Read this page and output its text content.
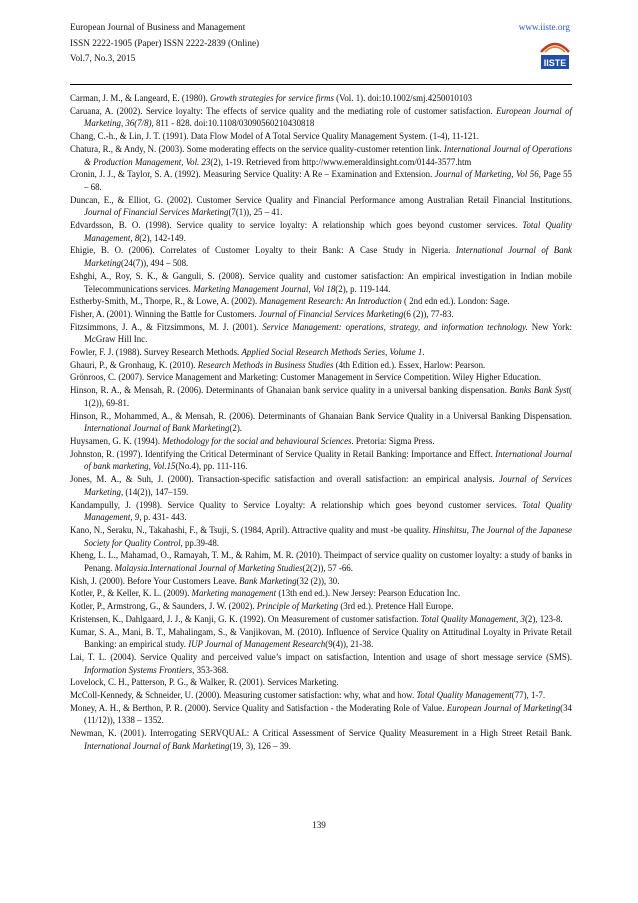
European Journal of Business and Management
ISSN 2222-1905 (Paper) ISSN 2222-2839 (Online)
Vol.7, No.3, 2015
www.iiste.org
IISTE

Carman, J. M., & Langeard, E. (1980). Growth strategies for service firms (Vol. 1). doi:10.1002/smj.4250010103

Caruana, A. (2002). Service loyalty: The effects of service quality and the mediating role of customer satisfaction. European Journal of Marketing, 36(7/8), 811 - 828. doi:10.1108/03090560210430818

Chang, C.-h., & Lin, J. T. (1991). Data Flow Model of A Total Service Quality Management System. (1-4), 11-121.

Chatura, R., & Andy, N. (2003). Some moderating effects on the service quality-customer retention link. International Journal of Operations & Production Management, Vol. 23(2), 1-19. Retrieved from http://www.emeraldinsight.com/0144-3577.htm

Cronin, J. J., & Taylor, S. A. (1992). Measuring Service Quality: A Re – Examination and Extension. Journal of Marketing, Vol 56, Page 55 – 68.

Duncan, E., & Elliot, G. (2002). Customer Service Quality and Financial Performance among Australian Retail Financial Institutions. Journal of Financial Services Marketing(7(1)), 25 – 41.

Edvardsson, B. O. (1998). Service quality to service loyalty: A relationship which goes beyond customer services. Total Quality Management, 8(2), 142-149.

Ehigie, B. O. (2006). Correlates of Customer Loyalty to their Bank: A Case Study in Nigeria. International Journal of Bank Marketing(24(7)), 494 – 508.

Eshghi, A., Roy, S. K., & Ganguli, S. (2008). Service quality and customer satisfaction: An empirical investigation in Indian mobile Telecommunications services. Marketing Management Journal, Vol 18(2), p. 119-144.

Estherby-Smith, M., Thorpe, R., & Lowe, A. (2002). Management Research: An Introduction ( 2nd edn ed.). London: Sage.

Fisher, A. (2001). Winning the Battle for Customers. Journal of Financial Services Marketing(6 (2)), 77-83.

Fitzsimmons, J. A., & Fitzsimmons, M. J. (2001). Service Management: operations, strategy, and information technology. New York: McGraw Hill Inc.

Fowler, F. J. (1988). Survey Research Methods. Applied Social Research Methods Series, Volume 1.

Ghauri, P., & Gronhaug, K. (2010). Research Methods in Business Studies (4th Edition ed.). Essex, Harlow: Pearson.

Grönroos, C. (2007). Service Management and Marketing: Customer Management in Service Competition. Wiley Higher Education.

Hinson, R. A., & Mensah, R. (2006). Determinants of Ghanaian bank service quality in a universal banking dispensation. Banks Bank Syst( 1(2)), 69-81.

Hinson, R., Mohammed, A., & Mensah, R. (2006). Determinants of Ghanaian Bank Service Quality in a Universal Banking Dispensation. International Journal of Bank Marketing(2).

Huysamen, G. K. (1994). Methodology for the social and behavioural Sciences. Pretoria: Sigma Press.

Johnston, R. (1997). Identifying the Critical Determinant of Service Quality in Retail Banking: Importance and Effect. International Journal of bank marketing, Vol.15(No.4), pp. 111-116.

Jones, M. A., & Suh, J. (2000). Transaction-specific satisfaction and overall satisfaction: an empirical analysis. Journal of Services Marketing, (14(2)), 147–159.

Kandampully, J. (1998). Service Quality to Service Loyalty: A relationship which goes beyond customer services. Total Quality Management, 9, p. 431- 443.

Kano, N., Seraku, N., Takahashi, F., & Tsuji, S. (1984, April). Attractive quality and must -be quality. Hinshitsu, The Journal of the Japanese Society for Quality Control, pp.39-48.

Kheng, L. L., Mahamad, O., Ramayah, T. M., & Rahim, M. R. (2010). Theimpact of service quality on customer loyalty: a study of banks in Penang. Malaysia.International Journal of Marketing Studies(2(2)), 57 -66.

Kish, J. (2000). Before Your Customers Leave. Bank Marketing(32 (2)), 30.

Kotler, P., & Keller, K. L. (2009). Marketing management (13th end ed.). New Jersey: Pearson Education Inc.

Kotler, P., Armstrong, G., & Saunders, J. W. (2002). Principle of Marketing (3rd ed.). Pretence Hall Europe.

Kristensen, K., Dahlgaard, J. J., & Kanji, G. K. (1992). On Measurement of customer satisfaction. Total Quality Management, 3(2), 123-8.

Kumar, S. A., Mani, B. T., Mahalingam, S., & Vanjikovan, M. (2010). Influence of Service Quality on Attitudinal Loyalty in Private Retail Banking: an empirical study. IUP Journal of Management Research(9(4)), 21-38.

Lai, T. L. (2004). Service Quality and perceived value’s impact on satisfaction, Intention and usage of short message service (SMS). Information Systems Frontiers, 353-368.

Lovelock, C. H., Patterson, P. G., & Walker, R. (2001). Services Marketing.

McColl-Kennedy, & Schneider, U. (2000). Measuring customer satisfaction: why, what and how. Total Quality Management(77), 1-7.

Money, A. H., & Berthon, P. R. (2000). Service Quality and Satisfaction - the Moderating Role of Value. European Journal of Marketing(34 (11/12)), 1338 – 1352.

Newman, K. (2001). Interrogating SERVQUAL: A Critical Assessment of Service Quality Measurement in a High Street Retail Bank. International Journal of Bank Marketing(19, 3), 126 – 39.

139
